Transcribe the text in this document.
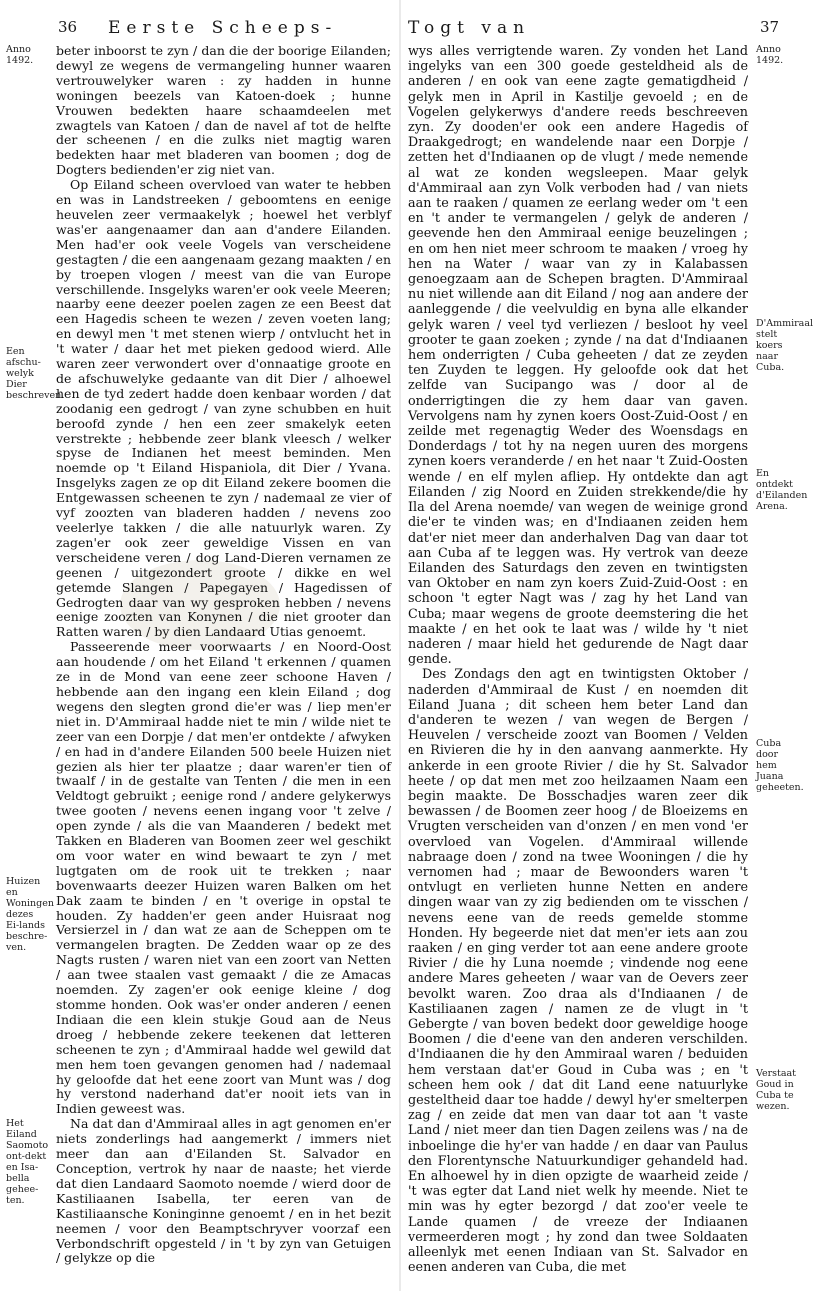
36 Eerste Scheeps-
Anno 1492.
Een afschu-welyk Dier beschreven.
Huizen en Woningen dezes Ei-lands beschre-ven.
Het Eiland Saomoto ont-dekt en Isa-bella gehee-ten.

beter inboorst te zyn / dan die der boorige Eilanden; dewyl ze wegens de vermangeling hunner waaren vertrouwelyker waren : zy hadden in hunne woningen beezels van Katoen-doek ; hunne Vrouwen bedekten haare schaamdeelen met zwagtels van Katoen / dan de navel af tot de helfte der scheenen / en die zulks niet magtig waren bedekten haar met bladeren van boomen ; dog de Dogters bedienden'er zig niet van.

Op Eiland scheen overvloed van water te hebben en was in Landstreeken / geboomtens en eenige heuvelen zeer vermaakelyk ; hoewel het verblyf was'er aangenaamer dan aan d'andere Eilanden. Men had'er ook veele Vogels van verscheidene gestagten / die een aangenaam gezang maakten / en by troepen vlogen / meest van die van Europe verschillende. Insgelyks waren'er ook veele Meeren; naarby eene deezer poelen zagen ze een Beest dat een Hagedis scheen te wezen / zeven voeten lang; en dewyl men 't met stenen wierp / ontvlucht het in 't water / daar het met pieken gedood wierd. Alle waren zeer verwondert over d'onnaatige groote en de afschuwelyke gedaante van dit Dier / alhoewel hen de tyd zedert hadde doen kenbaar worden / dat zoodanig een gedrogt / van zyne schubben en huit beroofd zynde / hen een zeer smakelyk eeten verstrekte ; hebbende zeer blank vleesch / welker spyse de Indianen het meest beminden. Men noemde op 't Eiland Hispaniola, dit Dier / Yvana. Insgelyks zagen ze op dit Eiland zekere boomen die Entgewassen scheenen te zyn / nademaal ze vier of vyf zoozten van bladeren hadden / nevens zoo veelerlye takken / die alle natuurlyk waren. Zy zagen'er ook zeer geweldige Vissen en van verscheidene veren / dog Land-Dieren vernamen ze geenen / uitgezondert groote / dikke en wel getemde Slangen / Papegayen / Hagedissen of Gedrogten daar van wy gesproken hebben / nevens eenige zoozten van Konynen / die niet grooter dan Ratten waren / by dien Landaard Utias genoemt.

Passeerende meer voorwaarts / en Noord-Oost aan houdende / om het Eiland 't erkennen / quamen ze in de Mond van eene zeer schoone Haven / hebbende aan den ingang een klein Eiland ; dog wegens den slegten grond die'er was / liep men'er niet in. D'Ammiraal hadde niet te min / wilde niet te zeer van een Dorpje / dat men'er ontdekte / afwyken / en had in d'andere Eilanden 500 beele Huizen niet gezien als hier ter plaatze ; daar waren'er tien of twaalf / in de gestalte van Tenten / die men in een Veldtogt gebruikt ; eenige rond / andere gelykerwys twee gooten / nevens eenen ingang voor 't zelve / open zynde / als die van Maanderen / bedekt met Takken en Bladeren van Boomen zeer wel geschikt om voor water en wind bewaart te zyn / met lugtgaten om de rook uit te trekken ; naar bovenwaarts deezer Huizen waren Balken om het Dak zaam te binden / en 't overige in opstal te houden. Zy hadden'er geen ander Huisraat nog Versierzel in / dan wat ze aan de Scheppen om te vermangelen bragten. De Zedden waar op ze des Nagts rusten / waren niet van een zoort van Netten / aan twee staalen vast gemaakt / die ze Amacas noemden. Zy zagen'er ook eenige kleine / dog stomme honden. Ook was'er onder anderen / eenen Indiaan die een klein stukje Goud aan de Neus droeg / hebbende zekere teekenen dat letteren scheenen te zyn ; d'Ammiraal hadde wel gewild dat men hem toen gevangen genomen had / nademaal hy geloofde dat het eene zoort van Munt was / dog hy verstond naderhand dat'er nooit iets van in Indien geweest was.

Na dat dan d'Ammiraal alles in agt genomen en'er niets zonderlings had aangemerkt / immers niet meer dan aan d'Eilanden St. Salvador en Conception, vertrok hy naar de naaste; het vierde dat dien Landaard Saomoto noemde / wierd door de Kastiliaanen Isabella, ter eeren van de Kastiliaansche Koninginne genoemt / en in het bezit neemen / voor den Beamptschryver voorzaf een Verbondschrift opgesteld / in 't by zyn van Getuigen / gelykze op die

Togt van	37
Anno 1492.
D'Ammiraal stelt koers naar Cuba.
En ontdekt d'Eilanden Arena.
Cuba door hem Juana geheeten.
Verstaat Goud in Cuba te wezen.

wys alles verrigtende waren. Zy vonden het Land ingelyks van een 300 goede gesteldheid als de anderen / en ook van eene zagte gematigdheid / gelyk men in April in Kastilje gevoeld ; en de Vogelen gelykerwys d'andere reeds beschreeven zyn. Zy dooden'er ook een andere Hagedis of Draakgedrogt; en wandelende naar een Dorpje / zetten het d'Indiaanen op de vlugt / mede nemende al wat ze konden wegsleepen. Maar gelyk d'Ammiraal aan zyn Volk verboden had / van niets aan te raaken / quamen ze eerlang weder om 't een en 't ander te vermangelen / gelyk de anderen / geevende hen den Ammiraal eenige beuzelingen ; en om hen niet meer schroom te maaken / vroeg hy hen na Water / waar van zy in Kalabassen genoegzaam aan de Schepen bragten. D'Ammiraal nu niet willende aan dit Eiland / nog aan andere der aanleggende / die veelvuldig en byna alle elkander gelyk waren / veel tyd verliezen / besloot hy veel grooter te gaan zoeken ; zynde / na dat d'Indiaanen hem onderrigten / Cuba geheeten / dat ze zeyden ten Zuyden te leggen. Hy geloofde ook dat het zelfde van Sucipango was / door al de onderrigtingen die zy hem daar van gaven. Vervolgens nam hy zynen koers Oost-Zuid-Oost / en zeilde met regenagtig Weder des Woensdags en Donderdags / tot hy na negen uuren des morgens zynen koers veranderde / en het naar 't Zuid-Oosten wende / en elf mylen afliep. Hy ontdekte dan agt Eilanden / zig Noord en Zuiden strekkende/die hy Ila del Arena noemde/ van wegen de weinige grond die'er te vinden was; en d'Indiaanen zeiden hem dat'er niet meer dan anderhalven Dag van daar tot aan Cuba af te leggen was. Hy vertrok van deeze Eilanden des Saturdags den zeven en twintigsten van Oktober en nam zyn koers Zuid-Zuid-Oost : en schoon 't egter Nagt was / zag hy het Land van Cuba; maar wegens de groote deemstering die het maakte / en het ook te laat was / wilde hy 't niet naderen / maar hield het gedurende de Nagt daar gende.

Des Zondags den agt en twintigsten Oktober / naderden d'Ammiraal de Kust / en noemden dit Eiland Juana ; dit scheen hem beter Land dan d'anderen te wezen / van wegen de Bergen / Heuvelen / verscheide zoozt van Boomen / Velden en Rivieren die hy in den aanvang aanmerkte. Hy ankerde in een groote Rivier / die hy St. Salvador heete / op dat men met zoo heilzaamen Naam een begin maakte. De Bosschadjes waren zeer dik bewassen / de Boomen zeer hoog / de Bloeizems en Vrugten verscheiden van d'onzen / en men vond 'er overvloed van Vogelen. d'Ammiraal willende nabraage doen / zond na twee Wooningen / die hy vernomen had ; maar de Bewoonders waren 't ontvlugt en verlieten hunne Netten en andere dingen waar van zy zig bedienden om te visschen / nevens eene van de reeds gemelde stomme Honden. Hy begeerde niet dat men'er iets aan zou raaken / en ging verder tot aan eene andere groote Rivier / die hy Luna noemde ; vindende nog eene andere Mares geheeten / waar van de Oevers zeer bevolkt waren. Zoo draa als d'Indiaanen / de Kastiliaanen zagen / namen ze de vlugt in 't Gebergte / van boven bedekt door geweldige hooge Boomen / die d'eene van den anderen verschilden. d'Indiaanen die hy den Ammiraal waren / beduiden hem verstaan dat'er Goud in Cuba was ; en 't scheen hem ook / dat dit Land eene natuurlyke gesteltheid daar toe hadde / dewyl hy'er smelterpen zag / en zeide dat men van daar tot aan 't vaste Land / niet meer dan tien Dagen zeilens was / na de inboelinge die hy'er van hadde / en daar van Paulus den Florentynsche Natuurkundiger gehandeld had. En alhoewel hy in dien opzigte de waarheid zeide / 't was egter dat Land niet welk hy meende. Niet te min was hy egter bezorgd / dat zoo'er veele te Lande quamen / de vreeze der Indiaanen vermeerderen mogt ; hy zond dan twee Soldaaten alleenlyk met eenen Indiaan van St. Salvador en eenen anderen van Cuba, die met
